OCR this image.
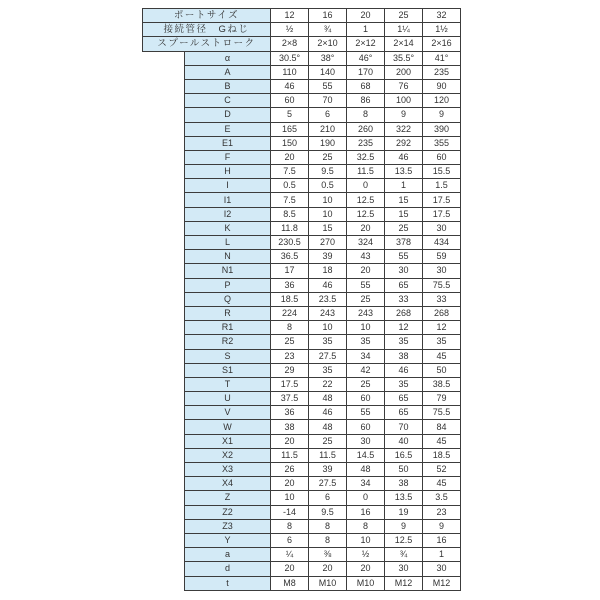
ポートサイズ		12	16	20	25	32
接続管径　Gねじ		½	¾	1	1¼	1½
スプールストローク		2×8	2×10	2×12	2×14	2×16
	α	30.5°	38°	46°	35.5°	41°
	A	110	140	170	200	235
	B	46	55	68	76	90
	C	60	70	86	100	120
	D	5	6	8	9	9
	E	165	210	260	322	390
	E1	150	190	235	292	355
	F	20	25	32.5	46	60
	H	7.5	9.5	11.5	13.5	15.5
	I	0.5	0.5	0	1	1.5
	I1	7.5	10	12.5	15	17.5
	I2	8.5	10	12.5	15	17.5
	K	11.8	15	20	25	30
	L	230.5	270	324	378	434
	N	36.5	39	43	55	59
	N1	17	18	20	30	30
	P	36	46	55	65	75.5
	Q	18.5	23.5	25	33	33
	R	224	243	243	268	268
	R1	8	10	10	12	12
	R2	25	35	35	35	35
	S	23	27.5	34	38	45
	S1	29	35	42	46	50
	T	17.5	22	25	35	38.5
	U	37.5	48	60	65	79
	V	36	46	55	65	75.5
	W	38	48	60	70	84
	X1	20	25	30	40	45
	X2	11.5	11.5	14.5	16.5	18.5
	X3	26	39	48	50	52
	X4	20	27.5	34	38	45
	Z	10	6	0	13.5	3.5
	Z2	-14	9.5	16	19	23
	Z3	8	8	8	9	9
	Y	6	8	10	12.5	16
	a	¼	⅜	½	¾	1
	d	20	20	20	30	30
	t	M8	M10	M10	M12	M12
